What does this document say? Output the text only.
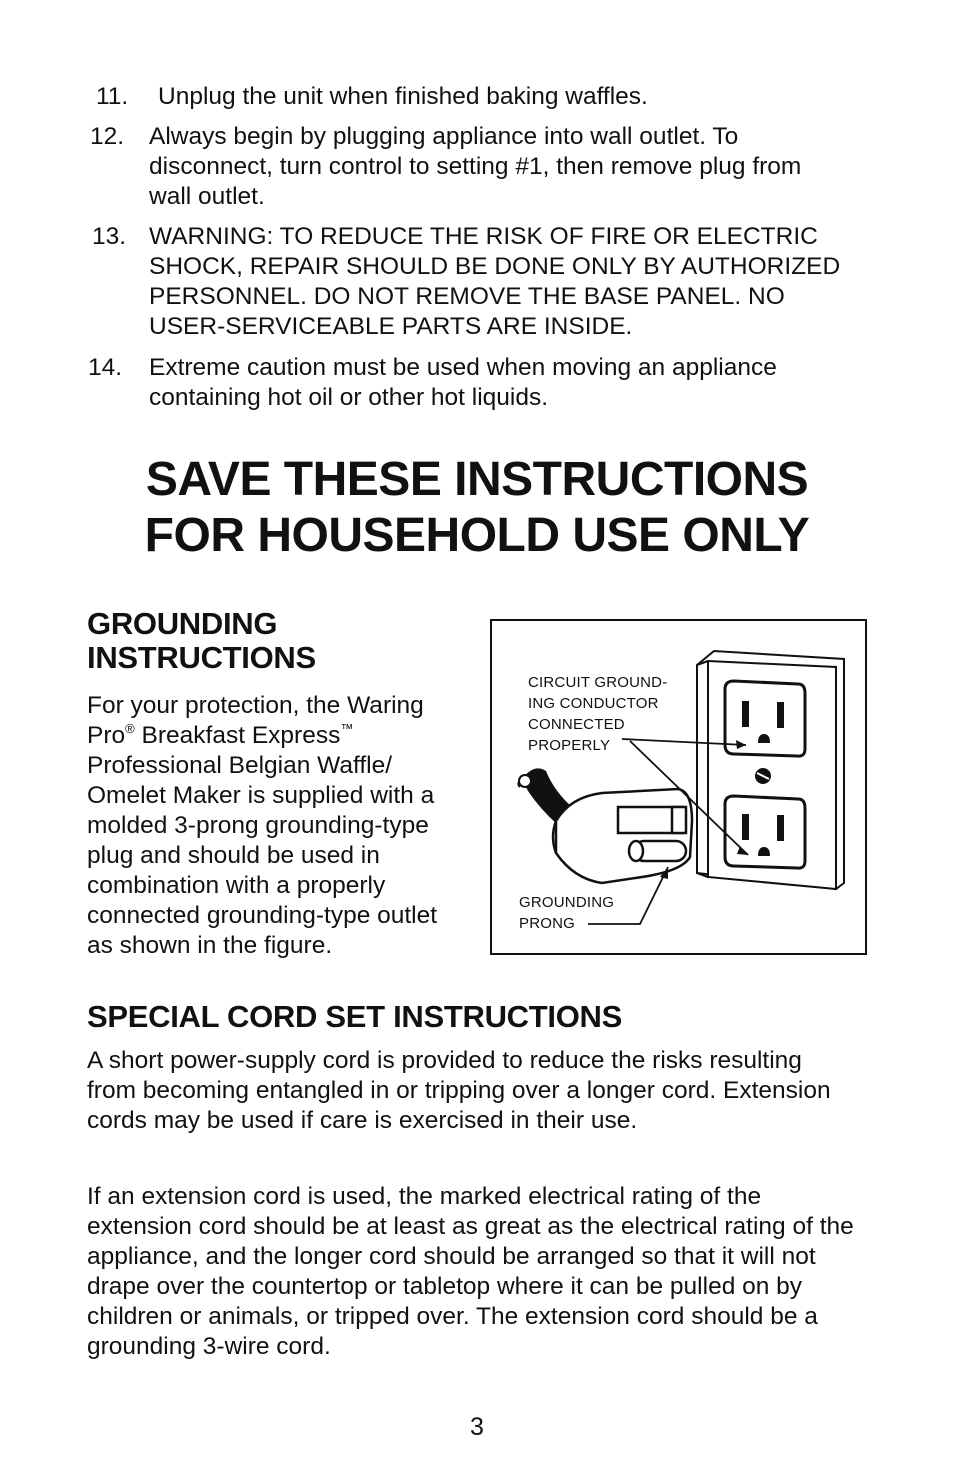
11. Unplug the unit when finished baking waffles.
12. Always begin by plugging appliance into wall outlet. To disconnect, turn control to setting #1, then remove plug from wall outlet.
13. WARNING: TO REDUCE THE RISK OF FIRE OR ELECTRIC SHOCK, REPAIR SHOULD BE DONE ONLY BY AUTHORIZED PERSONNEL. DO NOT REMOVE THE BASE PANEL. NO USER-SERVICEABLE PARTS ARE INSIDE.
14. Extreme caution must be used when moving an appliance containing hot oil or other hot liquids.
SAVE THESE INSTRUCTIONS
FOR HOUSEHOLD USE ONLY
GROUNDING
INSTRUCTIONS
For your protection, the Waring Pro® Breakfast Express™ Professional Belgian Waffle/ Omelet Maker is supplied with a molded 3-prong grounding-type plug and should be used in combination with a properly connected grounding-type outlet as shown in the figure.
CIRCUIT GROUND-
ING CONDUCTOR
CONNECTED
PROPERLY
GROUNDING
PRONG
SPECIAL CORD SET INSTRUCTIONS
A short power-supply cord is provided to reduce the risks resulting from becoming entangled in or tripping over a longer cord. Extension cords may be used if care is exercised in their use.
If an extension cord is used, the marked electrical rating of the extension cord should be at least as great as the electrical rating of the appliance, and the longer cord should be arranged so that it will not drape over the countertop or tabletop where it can be pulled on by children or animals, or tripped over. The extension cord should be a grounding 3-wire cord.
3
